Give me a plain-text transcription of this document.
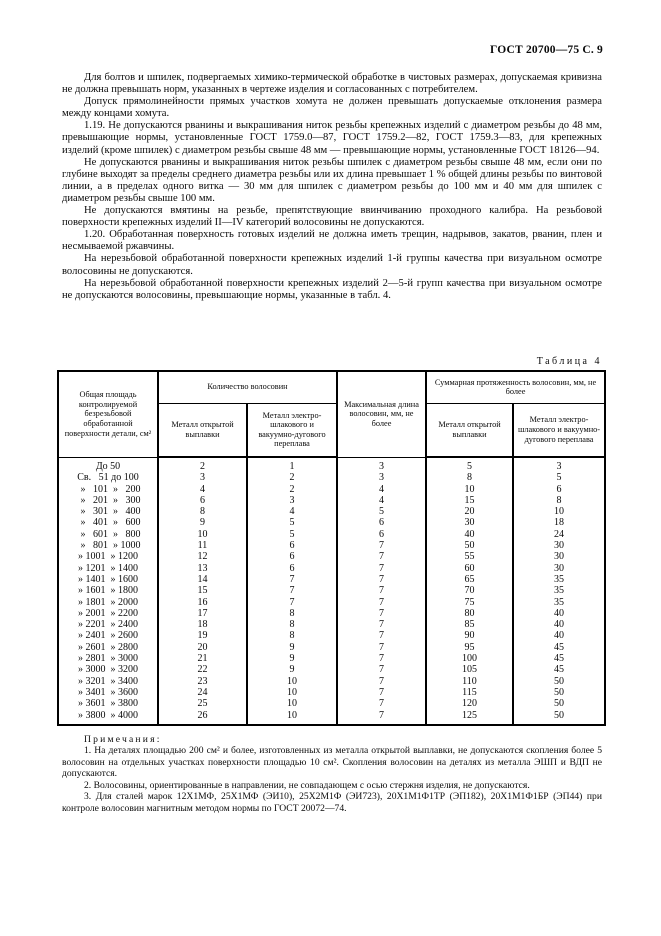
ГОСТ 20700—75 С. 9

Для болтов и шпилек, подвергаемых химико-термической обработке в чистовых размерах, допускаемая кривизна не должна превышать норм, указанных в чертеже изделия и согласованных с потребителем.

Допуск прямолинейности прямых участков хомута не должен превышать допускаемые отклонения размера между концами хомута.

1.19. Не допускаются рванины и выкрашивания ниток резьбы крепежных изделий с диаметром резьбы до 48 мм, превышающие нормы, установленные ГОСТ 1759.0—87, ГОСТ 1759.2—82, ГОСТ 1759.3—83, для крепежных изделий (кроме шпилек) с диаметром резьбы свыше 48 мм — превышающие нормы, установленные ГОСТ 18126—94.

Не допускаются рванины и выкрашивания ниток резьбы шпилек с диаметром резьбы свыше 48 мм, если они по глубине выходят за пределы среднего диаметра резьбы или их длина превышает 1 % общей длины резьбы по винтовой линии, а в пределах одного витка — 30 мм для шпилек с диаметром резьбы до 100 мм и 40 мм для шпилек с диаметром резьбы свыше 100 мм.

Не допускаются вмятины на резьбе, препятствующие ввинчиванию проходного калибра. На резьбовой поверхности крепежных изделий II—IV категорий волосовины не допускаются.

1.20. Обработанная поверхность готовых изделий не должна иметь трещин, надрывов, закатов, рванин, плен и несмываемой ржавчины.

На нерезьбовой обработанной поверхности крепежных изделий 1-й группы качества при визуальном осмотре волосовины не допускаются.

На нерезьбовой обработанной поверхности крепежных изделий 2—5-й групп качества при визуальном осмотре не допускаются волосовины, превышающие нормы, указанные в табл. 4.

Таблица 4
Общая площадь контролируемой безрезьбовой обработанной поверхности детали, см²	Количество волосовин		Максимальная длина волосовин, мм, не более	Суммарная протяженность волосовин, мм, не более	
	Металл открытой выплавки	Металл электро-шлакового и вакуумно-дугового переплава		Металл открытой выплавки	Металл электро-шлакового и вакуумно-дугового переплава
До 50	2	1	3	5	3
Св.   51 до 100	3	2	3	8	5
»   101  »   200	4	2	4	10	6
»   201  »   300	6	3	4	15	8
»   301  »   400	8	4	5	20	10
»   401  »   600	9	5	6	30	18
»   601  »   800	10	5	6	40	24
»   801  » 1000	11	6	7	50	30
» 1001  » 1200	12	6	7	55	30
» 1201  » 1400	13	6	7	60	30
» 1401  » 1600	14	7	7	65	35
» 1601  » 1800	15	7	7	70	35
» 1801  » 2000	16	7	7	75	35
» 2001  » 2200	17	8	7	80	40
» 2201  » 2400	18	8	7	85	40
» 2401  » 2600	19	8	7	90	40
» 2601  » 2800	20	9	7	95	45
» 2801  » 3000	21	9	7	100	45
» 3000  » 3200	22	9	7	105	45
» 3201  » 3400	23	10	7	110	50
» 3401  » 3600	24	10	7	115	50
» 3601  » 3800	25	10	7	120	50
» 3800  » 4000	26	10	7	125	50

Примечания:

1. На деталях площадью 200 см² и более, изготовленных из металла открытой выплавки, не допускаются скопления более 5 волосовин на отдельных участках поверхности площадью 10 см². Скопления волосовин на деталях из металла ЭШП и ВДП не допускаются.

2. Волосовины, ориентированные в направлении, не совпадающем с осью стержня изделия, не допускаются.

3. Для сталей марок 12Х1МФ, 25Х1МФ (ЭИ10), 25Х2М1Ф (ЭИ723), 20Х1М1Ф1ТР (ЭП182), 20Х1М1Ф1БР (ЭП44) при контроле волосовин магнитным методом нормы по ГОСТ 20072—74.
